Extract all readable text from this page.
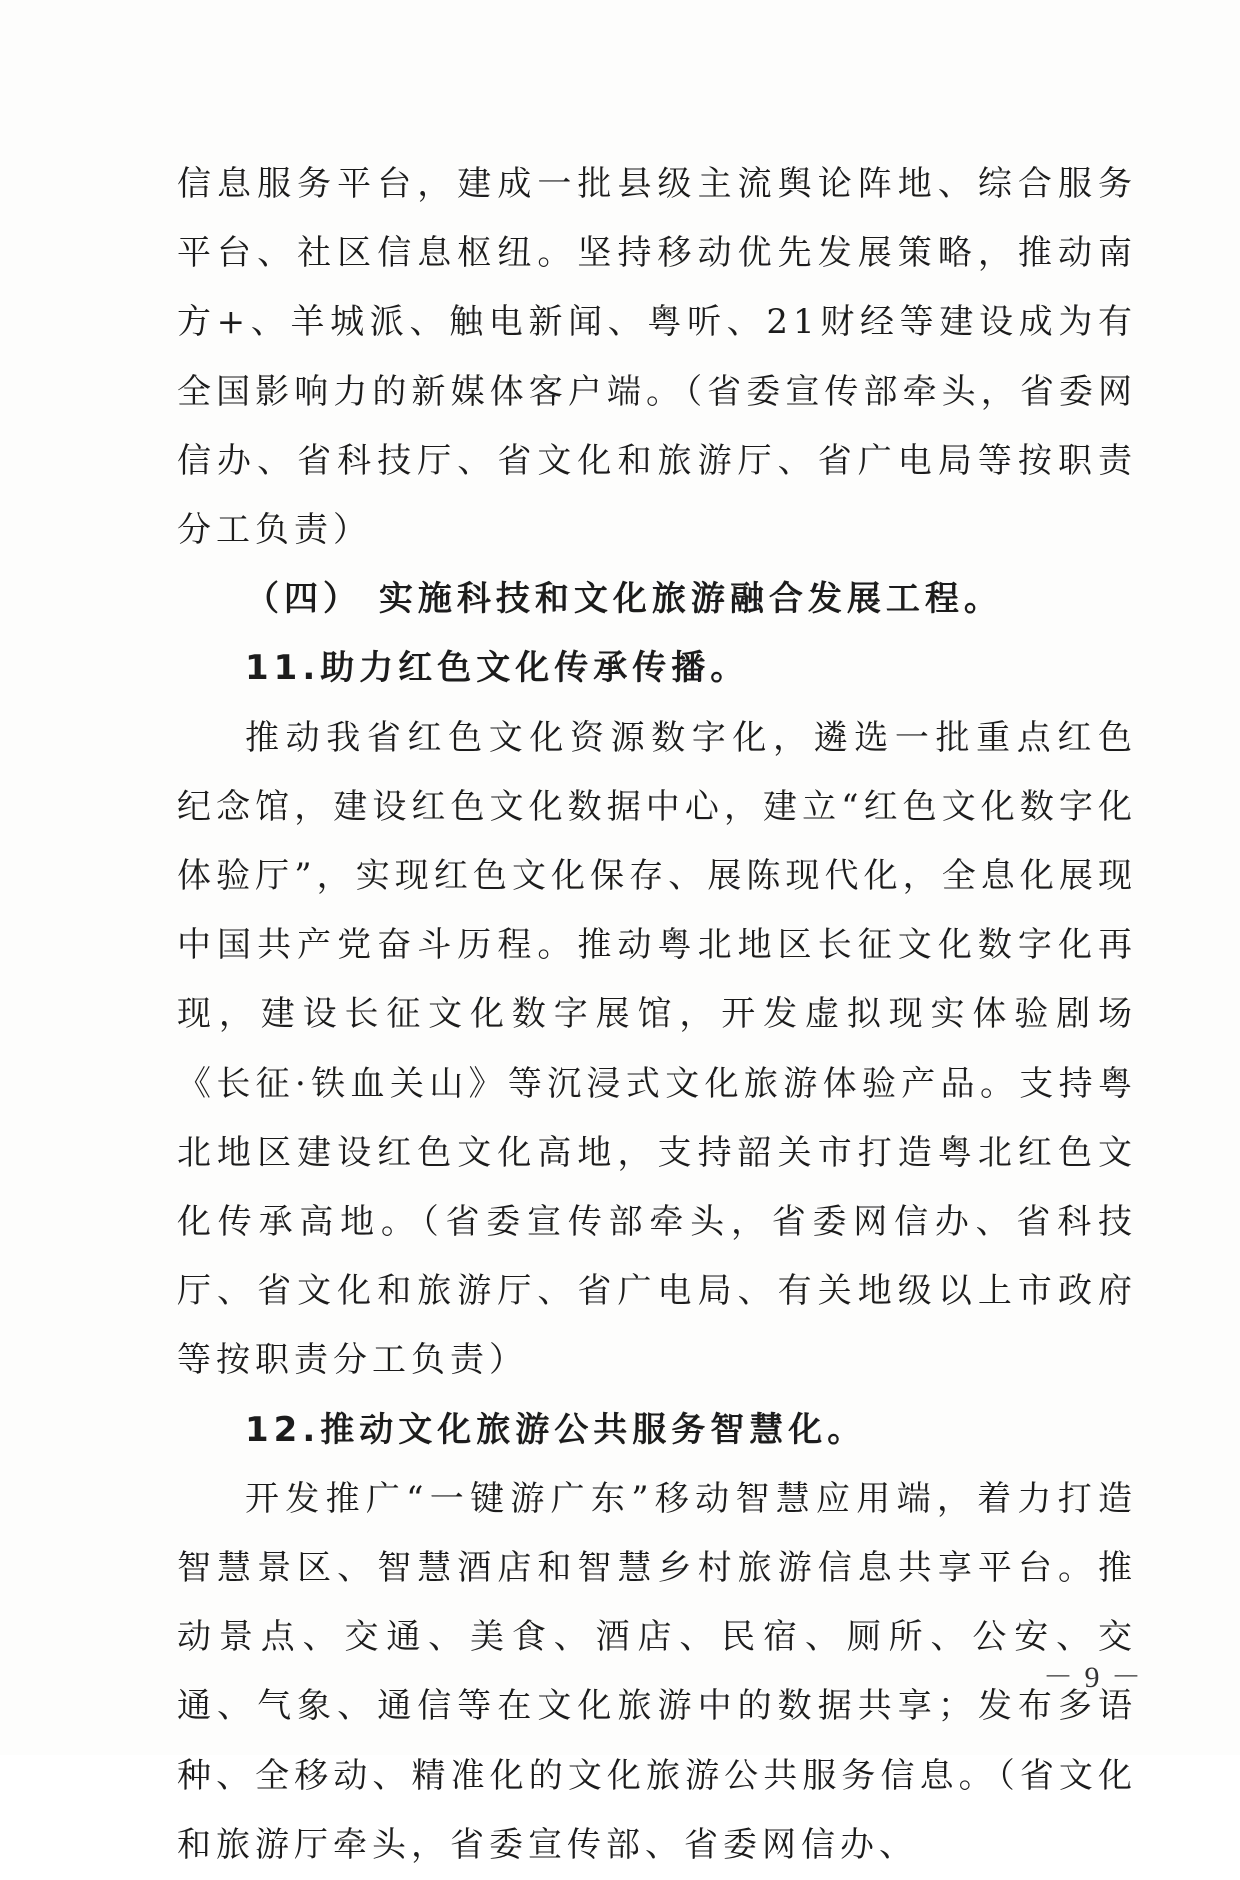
信息服务平台，建成一批县级主流舆论阵地、综合服务平台、社区信息枢纽。坚持移动优先发展策略，推动南方+、羊城派、触电新闻、粤听、21财经等建设成为有全国影响力的新媒体客户端。（省委宣传部牵头，省委网信办、省科技厅、省文化和旅游厅、省广电局等按职责分工负责）

（四） 实施科技和文化旅游融合发展工程。

11.助力红色文化传承传播。

推动我省红色文化资源数字化，遴选一批重点红色纪念馆，建设红色文化数据中心，建立“红色文化数字化体验厅”，实现红色文化保存、展陈现代化，全息化展现中国共产党奋斗历程。推动粤北地区长征文化数字化再现，建设长征文化数字展馆，开发虚拟现实体验剧场《长征·铁血关山》等沉浸式文化旅游体验产品。支持粤北地区建设红色文化高地，支持韶关市打造粤北红色文化传承高地。（省委宣传部牵头，省委网信办、省科技厅、省文化和旅游厅、省广电局、有关地级以上市政府等按职责分工负责）

12.推动文化旅游公共服务智慧化。

开发推广“一键游广东”移动智慧应用端，着力打造智慧景区、智慧酒店和智慧乡村旅游信息共享平台。推动景点、交通、美食、酒店、民宿、厕所、公安、交通、气象、通信等在文化旅游中的数据共享；发布多语种、全移动、精准化的文化旅游公共服务信息。（省文化和旅游厅牵头，省委宣传部、省委网信办、

－ 9 －
